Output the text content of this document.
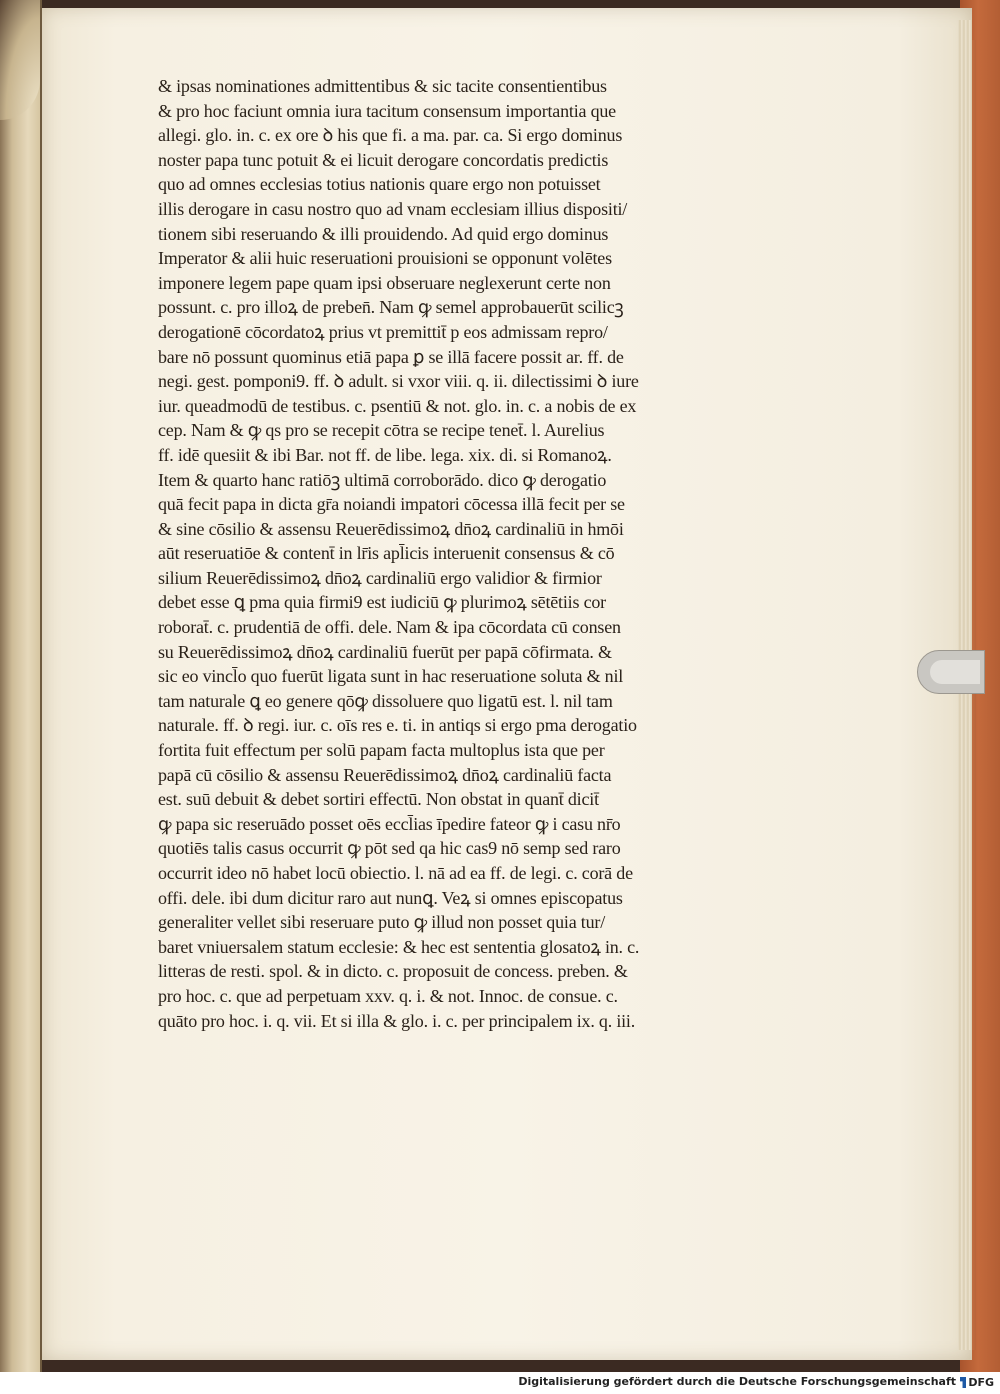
& ipsas nominationes admittentibus & sic tacite consentientibus
& pro hoc faciunt omnia iura tacitum consensum importantia que
allegi. glo. in. c. ex ore ꝺ his que fi. a ma. par. ca. Si ergo dominus
noster papa tunc potuit & ei licuit derogare concordatis predictis
quo ad omnes ecclesias totius nationis quare ergo non potuisset
illis derogare in casu nostro quo ad vnam ecclesiam illius dispositi/
tionem sibi reseruando & illi prouidendo. Ad quid ergo dominus
Imperator & alii huic reseruationi prouisioni se opponunt volētes
imponere legem pape quam ipsi obseruare neglexerunt certe non
possunt. c. pro illoꝝ de preben̄. Nam ꝙ semel approbauerūt scilicꝫ
derogationē cōcordatoꝝ prius vt premittit̄ p eos admissam repro/
bare nō possunt quominus etiā papa ꝑ se illā facere possit ar. ff. de
negi. gest. pomponi9. ff. ꝺ adult. si vxor viii. q. ii. dilectissimi ꝺ iure
iur. queadmodū de testibus. c. psentiū & not. glo. in. c. a nobis de ex
cep. Nam & ꝙ qs pro se recepit cōtra se recipe tenet̄. l. Aurelius
ff. idē quesiit & ibi Bar. not ff. de libe. lega. xix. di. si Romanoꝝ.
Item & quarto hanc ratiōꝫ ultimā corroborādo. dico ꝙ derogatio
quā fecit papa in dicta gr̄a noiandi impatori cōcessa illā fecit per se
& sine cōsilio & assensu Reuerēdissimoꝝ dn̄oꝝ cardinaliū in hmōi
aūt reseruatiōe & content̄ in lr̄is apl̄icis interuenit consensus & cō
silium Reuerēdissimoꝝ dn̄oꝝ cardinaliū ergo validior & firmior
debet esse ꝗ pma quia firmi9 est iudiciū ꝙ plurimoꝝ sētētiis cor
roborat̄. c. prudentiā de offi. dele. Nam & ipa cōcordata cū consen
su Reuerēdissimoꝝ dn̄oꝝ cardinaliū fuerūt per papā cōfirmata. &
sic eo vincl̄o quo fuerūt ligata sunt in hac reseruatione soluta & nil
tam naturale ꝗ eo genere qōꝙ dissoluere quo ligatū est. l. nil tam
naturale. ff. ꝺ regi. iur. c. oīs res e. ti. in antiqs si ergo pma derogatio
fortita fuit effectum per solū papam facta multoplus ista que per
papā cū cōsilio & assensu Reuerēdissimoꝝ dn̄oꝝ cardinaliū facta
est. suū debuit & debet sortiri effectū. Non obstat in quant̄ dicit̄
ꝙ papa sic reseruādo posset oēs eccl̄ias īpedire fateor ꝙ i casu nr̄o
quotiēs talis casus occurrit ꝙ pōt sed qa hic cas9 nō semp sed raro
occurrit ideo nō habet locū obiectio. l. nā ad ea ff. de legi. c. corā de
offi. dele. ibi dum dicitur raro aut nunꝗ. Veꝝ si omnes episcopatus
generaliter vellet sibi reseruare puto ꝙ illud non posset quia tur/
baret vniuersalem statum ecclesie: & hec est sententia glosatoꝝ in. c.
litteras de resti. spol. & in dicto. c. proposuit de concess. preben. &
pro hoc. c. que ad perpetuam xxv. q. i. & not. Innoc. de consue. c.
quāto pro hoc. i. q. vii. Et si illa & glo. i. c. per principalem ix. q. iii.
Digitalisierung gefördert durch die Deutsche Forschungsgemeinschaft DFG
